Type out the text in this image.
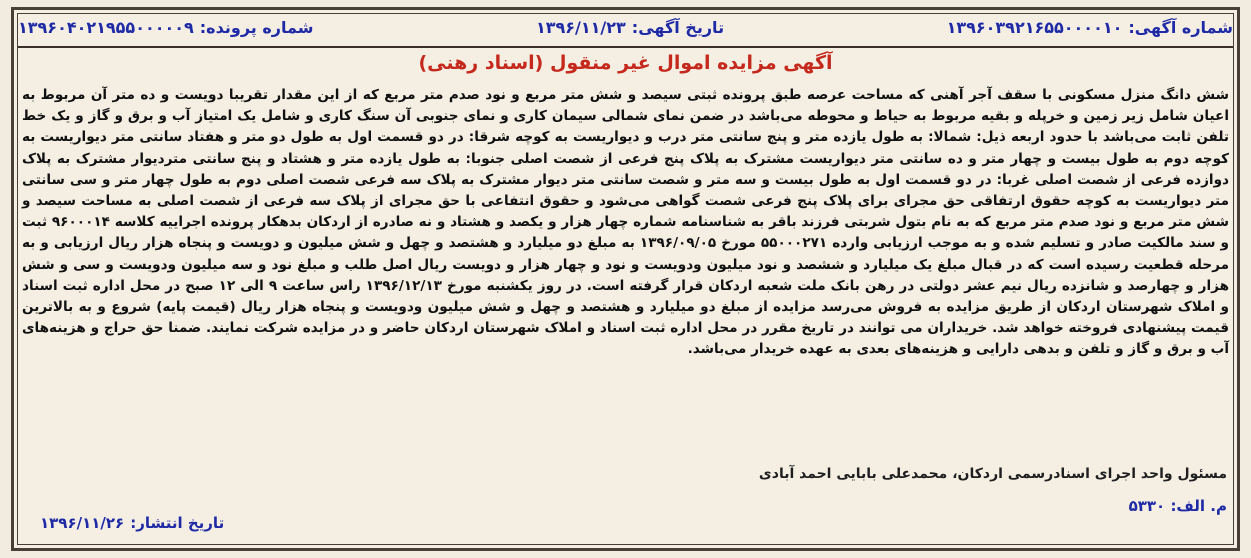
شماره آگهی:۱۳۹۶۰۳۹۲۱۶۵۵۰۰۰۰۱۰
تاریخ آگهی:۱۳۹۶/۱۱/۲۳
شماره پرونده:۱۳۹۶۰۴۰۲۱۹۵۵۰۰۰۰۰۹
آگهی مزایده اموال غیر منقول (اسناد رهنی)
شش دانگ منزل مسکونی با سقف آجر آهنی که مساحت عرصه طبق پرونده ثبتی سیصد و شش متر مربع و نود صدم متر مربع که از این مقدار تقریبا دویست و ده متر آن مربوط به اعیان شامل زیر زمین و خرپله و بقیه مربوط به حیاط و محوطه می‌باشد در ضمن نمای شمالی سیمان کاری و نمای جنوبی آن سنگ کاری و شامل یک امتیاز آب و برق و گاز و یک خط تلفن ثابت می‌باشد با حدود اربعه ذیل: شمالا: به طول یازده متر و پنج سانتی متر درب و دیواریست به کوچه شرقا: در دو قسمت اول به طول دو متر و هفتاد سانتی متر دیواریست به کوچه دوم به طول بیست و چهار متر و ده سانتی متر دیواریست مشترک به پلاک پنج فرعی از شصت اصلی جنوبا: به طول یازده متر و هشتاد و پنج سانتی متردیوار مشترک به پلاک دوازده فرعی از شصت اصلی غربا: در دو قسمت اول به طول بیست و سه متر و شصت سانتی متر دیوار مشترک به پلاک سه فرعی شصت اصلی دوم به طول چهار متر و سی سانتی متر دیواریست به کوچه حقوق ارتفاقی حق مجرای برای پلاک پنج فرعی شصت گواهی می‌شود و حقوق انتفاعی با حق مجرای از پلاک سه فرعی از شصت اصلی به مساحت سیصد و شش متر مربع و نود صدم متر مربع که به نام بتول شربتی فرزند باقر به شناسنامه شماره چهار هزار و یکصد و هشتاد و نه صادره از اردکان بدهکار پرونده اجراییه کلاسه ۹۶۰۰۰۱۴ ثبت و سند مالکیت صادر و تسلیم شده و به موجب ارزیابی وارده ۵۵۰۰۰۲۷۱ مورخ ۱۳۹۶/۰۹/۰۵ به مبلغ دو میلیارد و هشتصد و چهل و شش میلیون و دویست و پنجاه هزار ریال ارزیابی و به مرحله قطعیت رسیده است که در قبال مبلغ یک میلیارد و ششصد و نود میلیون ودویست و نود و چهار هزار و دویست ریال اصل طلب و مبلغ نود و سه میلیون ودویست و سی و شش هزار و چهارصد و شانزده ریال نیم عشر دولتی در رهن بانک ملت شعبه اردکان قرار گرفته است. در روز یکشنبه مورخ ۱۳۹۶/۱۲/۱۳ راس ساعت ۹ الی ۱۲ صبح در محل اداره ثبت اسناد و املاک شهرستان اردکان از طریق مزایده به فروش می‌رسد مزایده از مبلغ دو میلیارد و هشتصد و چهل و شش میلیون ودویست و پنجاه هزار ریال (قیمت پایه) شروع و به بالاترین قیمت پیشنهادی فروخته خواهد شد. خریداران می توانند در تاریخ مقرر در محل اداره ثبت اسناد و املاک شهرستان اردکان حاضر و در مزایده شرکت نمایند. ضمنا حق حراج و هزینه‌های آب و برق و گاز و تلفن و بدهی دارایی و هزینه‌های بعدی به عهده خریدار می‌باشد.
مسئول واحد اجرای اسنادرسمی اردکان، محمدعلی بابایی احمد آبادی
م. الف: ۵۳۳۰
تاریخ انتشار:۱۳۹۶/۱۱/۲۶
